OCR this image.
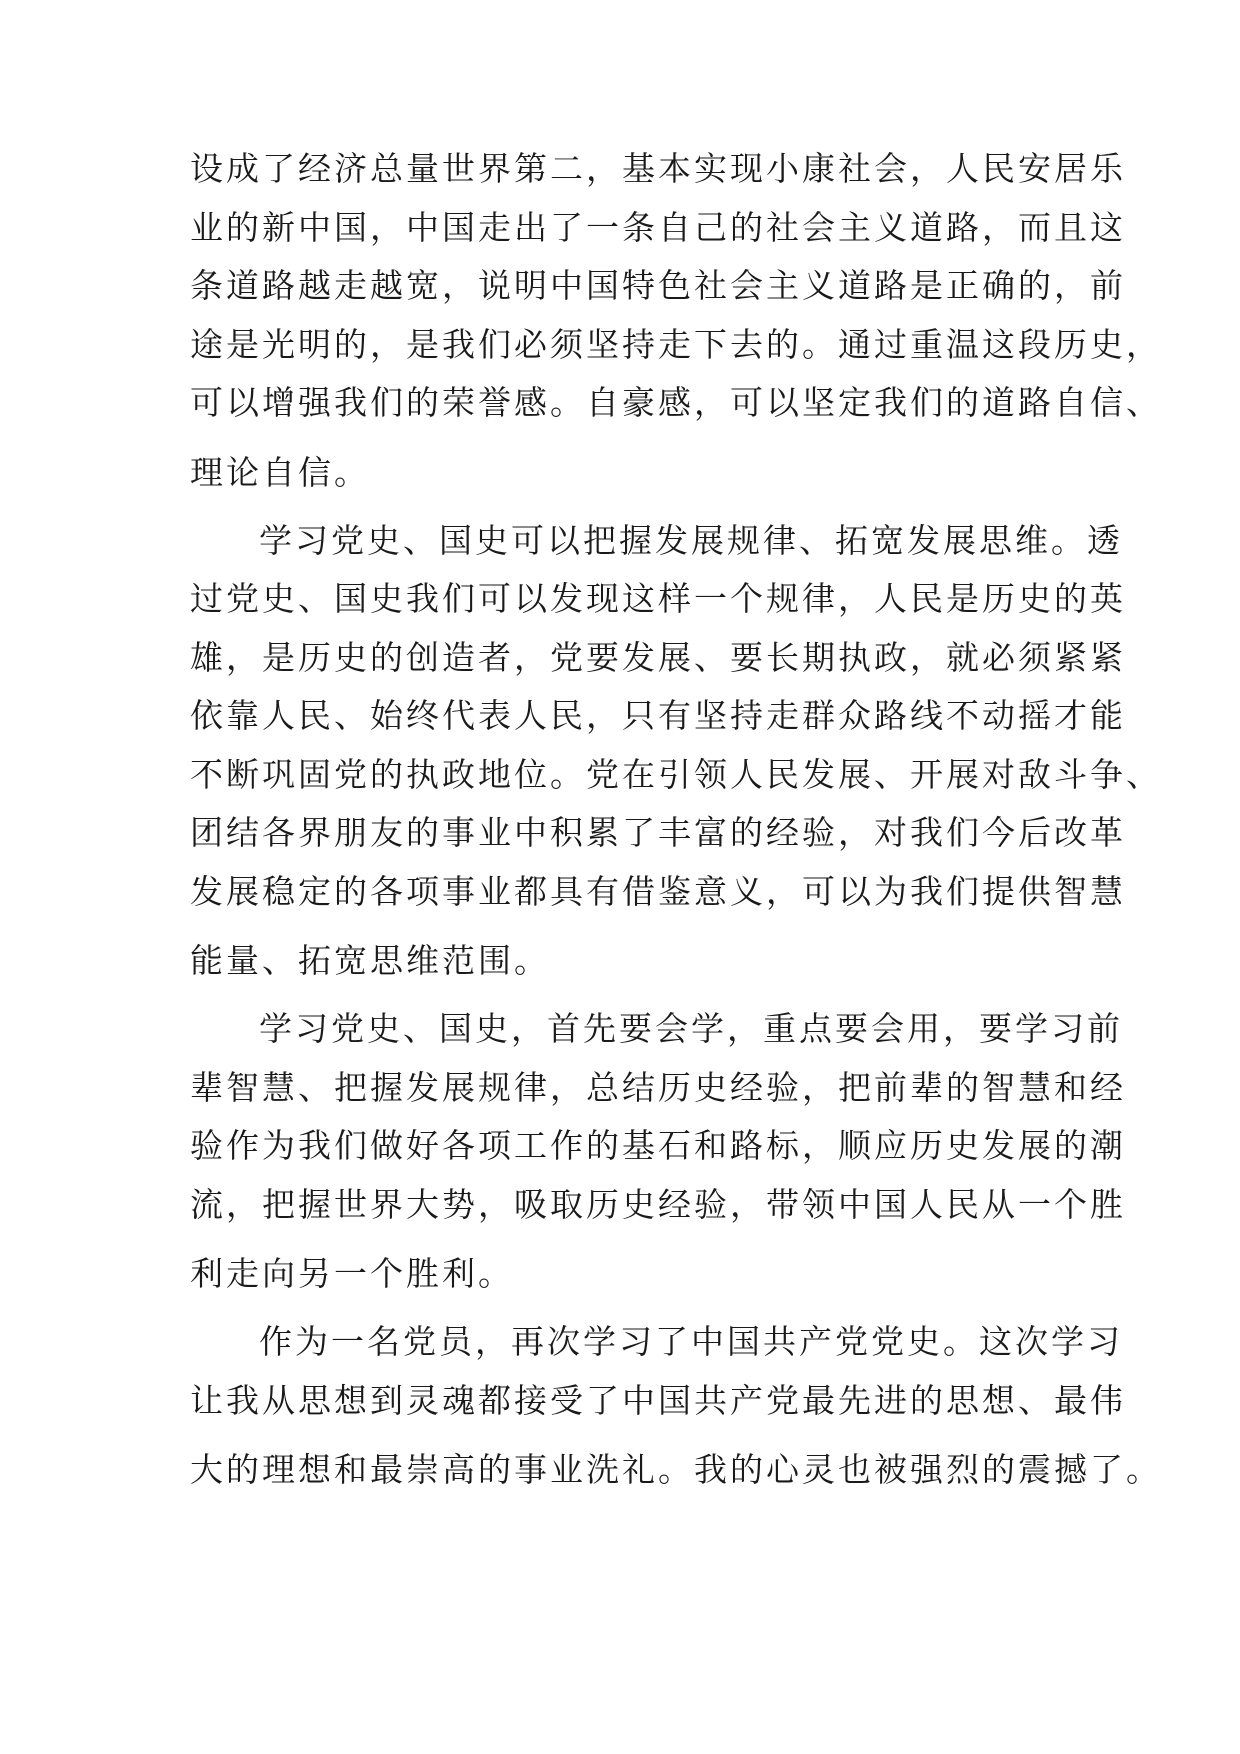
设成了经济总量世界第二，基本实现小康社会，人民安居乐
业的新中国，中国走出了一条自己的社会主义道路，而且这
条道路越走越宽，说明中国特色社会主义道路是正确的，前
途是光明的，是我们必须坚持走下去的。通过重温这段历史，
可以增强我们的荣誉感。自豪感，可以坚定我们的道路自信、
理论自信。
学习党史、国史可以把握发展规律、拓宽发展思维。透
过党史、国史我们可以发现这样一个规律，人民是历史的英
雄，是历史的创造者，党要发展、要长期执政，就必须紧紧
依靠人民、始终代表人民，只有坚持走群众路线不动摇才能
不断巩固党的执政地位。党在引领人民发展、开展对敌斗争、
团结各界朋友的事业中积累了丰富的经验，对我们今后改革
发展稳定的各项事业都具有借鉴意义，可以为我们提供智慧
能量、拓宽思维范围。
学习党史、国史，首先要会学，重点要会用，要学习前
辈智慧、把握发展规律，总结历史经验，把前辈的智慧和经
验作为我们做好各项工作的基石和路标，顺应历史发展的潮
流，把握世界大势，吸取历史经验，带领中国人民从一个胜
利走向另一个胜利。
作为一名党员，再次学习了中国共产党党史。这次学习
让我从思想到灵魂都接受了中国共产党最先进的思想、最伟
大的理想和最崇高的事业洗礼。我的心灵也被强烈的震撼了。
